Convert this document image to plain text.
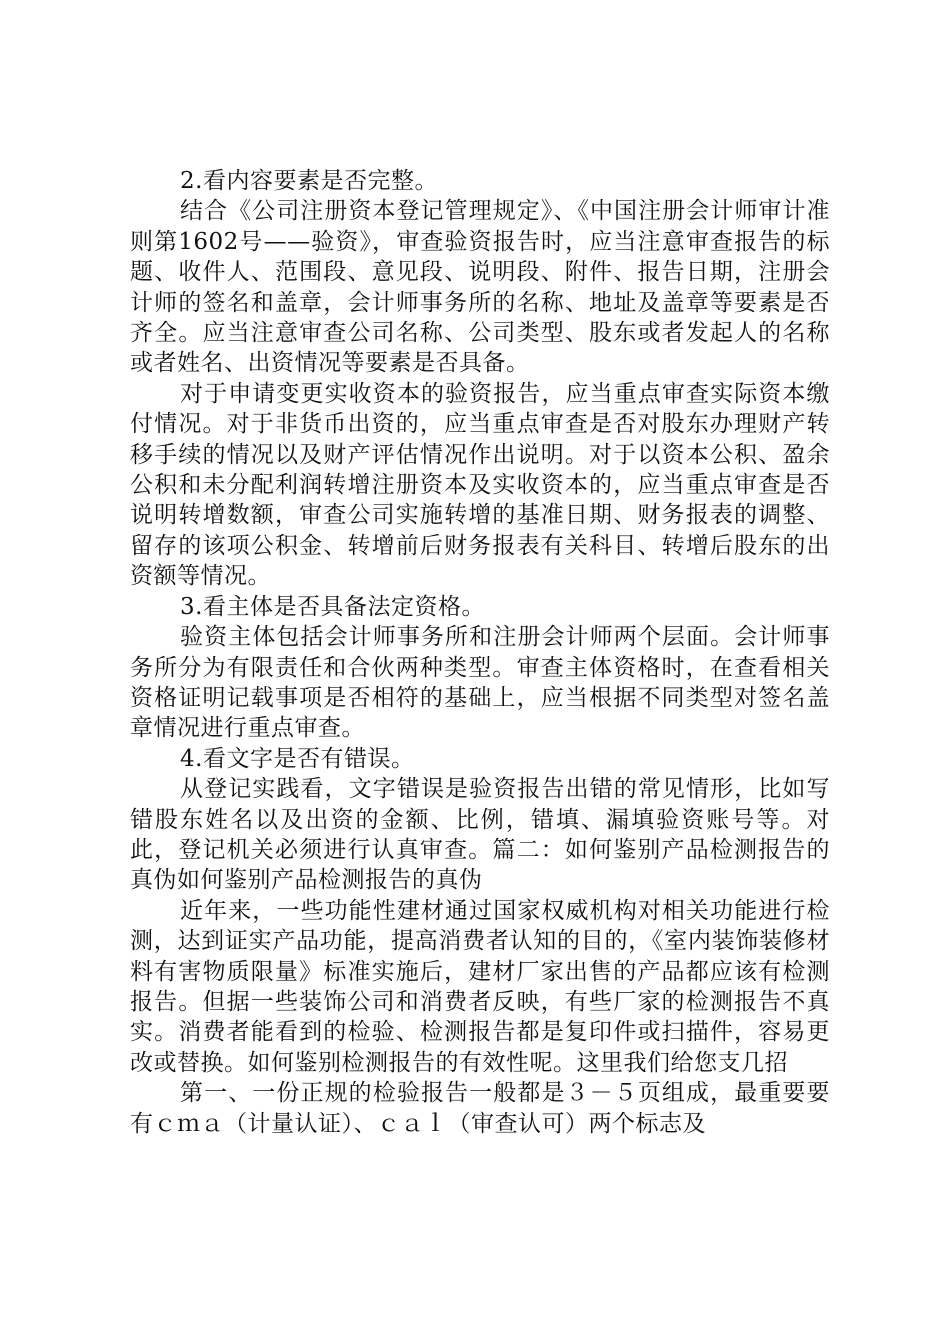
2.看内容要素是否完整。

结合《公司注册资本登记管理规定》、《中国注册会计师审计准则第1602号——验资》，审查验资报告时，应当注意审查报告的标题、收件人、范围段、意见段、说明段、附件、报告日期，注册会计师的签名和盖章，会计师事务所的名称、地址及盖章等要素是否齐全。应当注意审查公司名称、公司类型、股东或者发起人的名称或者姓名、出资情况等要素是否具备。

对于申请变更实收资本的验资报告，应当重点审查实际资本缴付情况。对于非货币出资的，应当重点审查是否对股东办理财产转移手续的情况以及财产评估情况作出说明。对于以资本公积、盈余公积和未分配利润转增注册资本及实收资本的，应当重点审查是否说明转增数额，审查公司实施转增的基准日期、财务报表的调整、留存的该项公积金、转增前后财务报表有关科目、转增后股东的出资额等情况。

3.看主体是否具备法定资格。

验资主体包括会计师事务所和注册会计师两个层面。会计师事务所分为有限责任和合伙两种类型。审查主体资格时，在查看相关资格证明记载事项是否相符的基础上，应当根据不同类型对签名盖章情况进行重点审查。

4.看文字是否有错误。

从登记实践看，文字错误是验资报告出错的常见情形，比如写错股东姓名以及出资的金额、比例，错填、漏填验资账号等。对此，登记机关必须进行认真审查。篇二：如何鉴别产品检测报告的真伪如何鉴别产品检测报告的真伪

近年来，一些功能性建材通过国家权威机构对相关功能进行检测，达到证实产品功能，提高消费者认知的目的，《室内装饰装修材料有害物质限量》标准实施后，建材厂家出售的产品都应该有检测报告。但据一些装饰公司和消费者反映，有些厂家的检测报告不真实。消费者能看到的检验、检测报告都是复印件或扫描件，容易更改或替换。如何鉴别检测报告的有效性呢。这里我们给您支几招

第一、一份正规的检验报告一般都是３－５页组成，最重要要有ｃｍａ（计量认证）、ｃａｌ（审查认可）两个标志及
